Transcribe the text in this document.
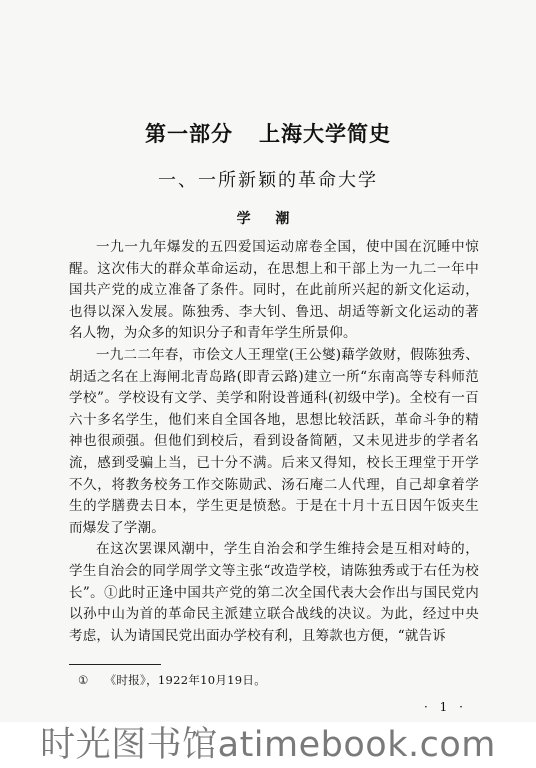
第一部分 上海大学简史
一、一所新颖的革命大学
学 潮

一九一九年爆发的五四爱国运动席卷全国，使中国在沉睡中惊醒。这次伟大的群众革命运动，在思想上和干部上为一九二一年中国共产党的成立准备了条件。同时，在此前所兴起的新文化运动，也得以深入发展。陈独秀、李大钊、鲁迅、胡适等新文化运动的著名人物，为众多的知识分子和青年学生所景仰。

一九二二年春，市侩文人王理堂(王公燮)藉学敛财，假陈独秀、胡适之名在上海闸北青岛路(即青云路)建立一所“东南高等专科师范学校”。学校设有文学、美学和附设普通科(初级中学)。全校有一百六十多名学生，他们来自全国各地，思想比较活跃，革命斗争的精神也很顽强。但他们到校后，看到设备简陋，又未见进步的学者名流，感到受骗上当，已十分不满。后来又得知，校长王理堂于开学不久，将教务校务工作交陈勋武、汤石庵二人代理，自己却拿着学生的学膳费去日本，学生更是愤愁。于是在十月十五日因午饭夹生而爆发了学潮。

在这次罢课风潮中，学生自治会和学生维持会是互相对峙的，学生自治会的同学周学文等主张“改造学校，请陈独秀或于右任为校长”。①此时正逢中国共产党的第二次全国代表大会作出与国民党内以孙中山为首的革命民主派建立联合战线的决议。为此，经过中央考虑，认为请国民党出面办学校有利，且筹款也方便，“就告诉

① 《时报》，1922年10月19日。
· 1 ·
时光图书馆atimebook.com
